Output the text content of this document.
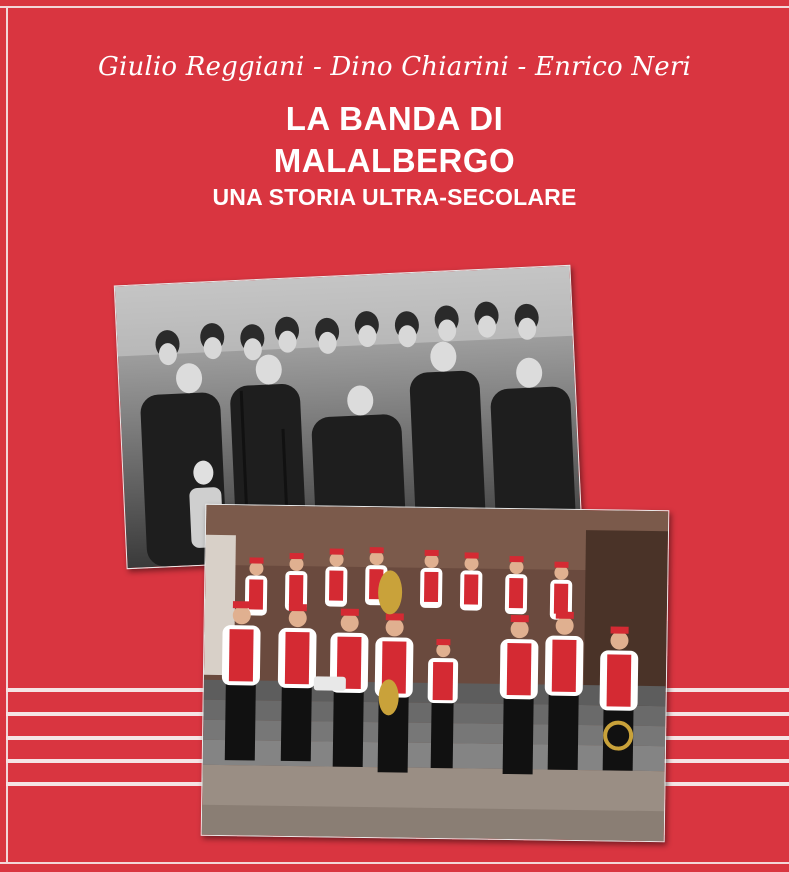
Giulio Reggiani - Dino Chiarini - Enrico Neri
LA BANDA DI
MALALBERGO
UNA STORIA ULTRA-SECOLARE
